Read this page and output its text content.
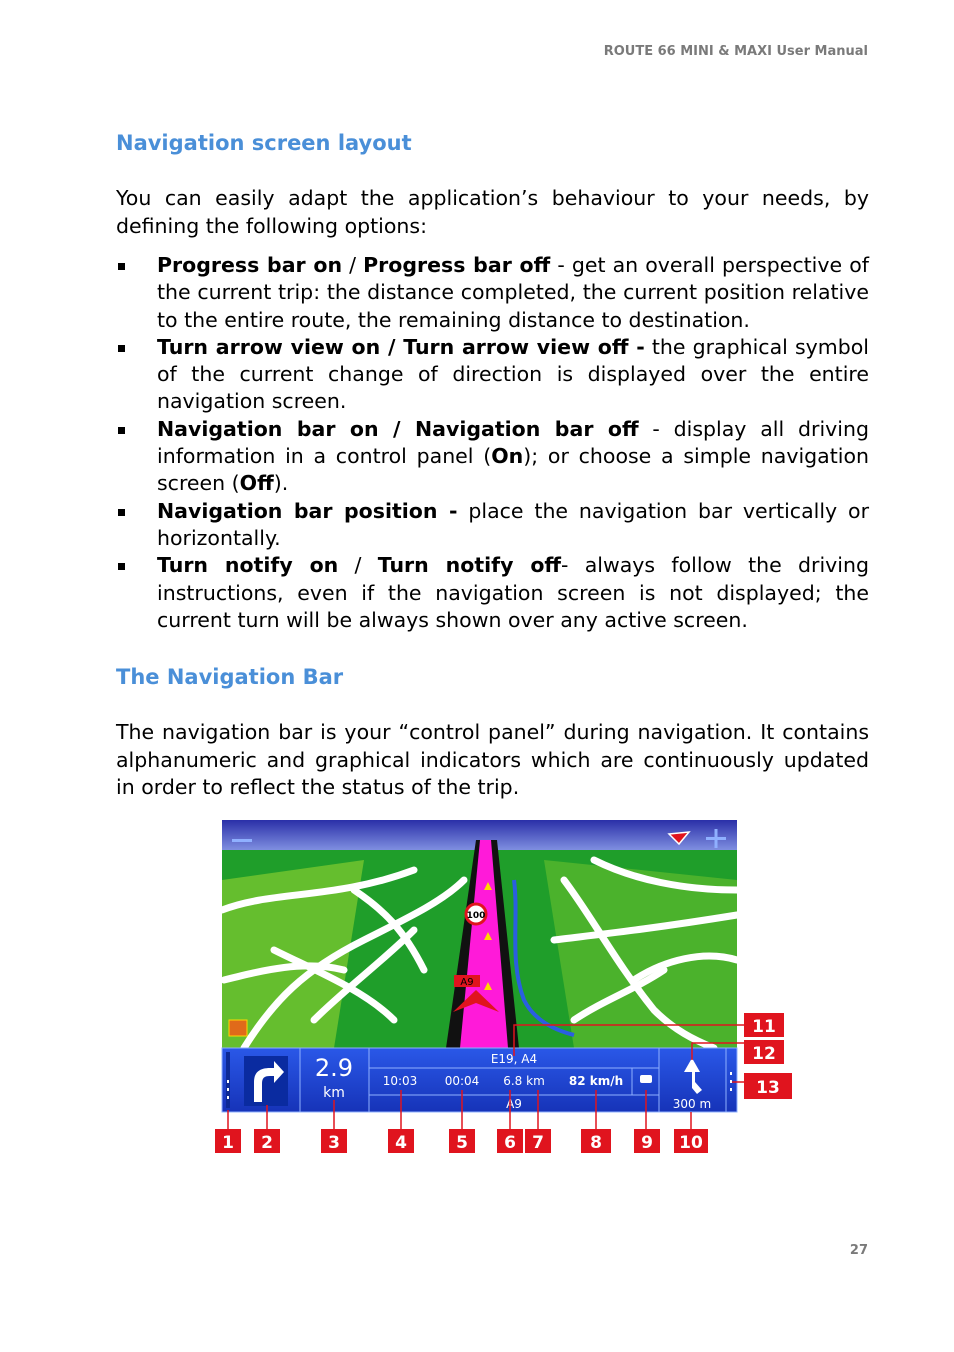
ROUTE 66 MINI & MAXI User Manual
Navigation screen layout

You can easily adapt the application’s behaviour to your needs, by defining the following options:

Progress bar on / Progress bar off - get an overall perspective of the current trip: the distance completed, the current position relative to the entire route, the remaining distance to destination.
Turn arrow view on / Turn arrow view off - the graphical symbol of the current change of direction is displayed over the entire navigation screen.
Navigation bar on / Navigation bar off - display all driving information in a control panel (On); or choose a simple navigation screen (Off).
Navigation bar position - place the navigation bar vertically or horizontally.
Turn notify on / Turn notify off- always follow the driving instructions, even if the navigation screen is not displayed; the current turn will be always shown over any active screen.
The Navigation Bar

The navigation bar is your “control panel” during navigation. It contains alphanumeric and graphical indicators which are continuously updated in order to reflect the status of the trip.

100
A9
2.9
km
E19, A4
10:03 00:04 6.8 km 82 km/h
A9	300 m
1 2	3	4	5 6 7	8 9 10
11
12
13
27
